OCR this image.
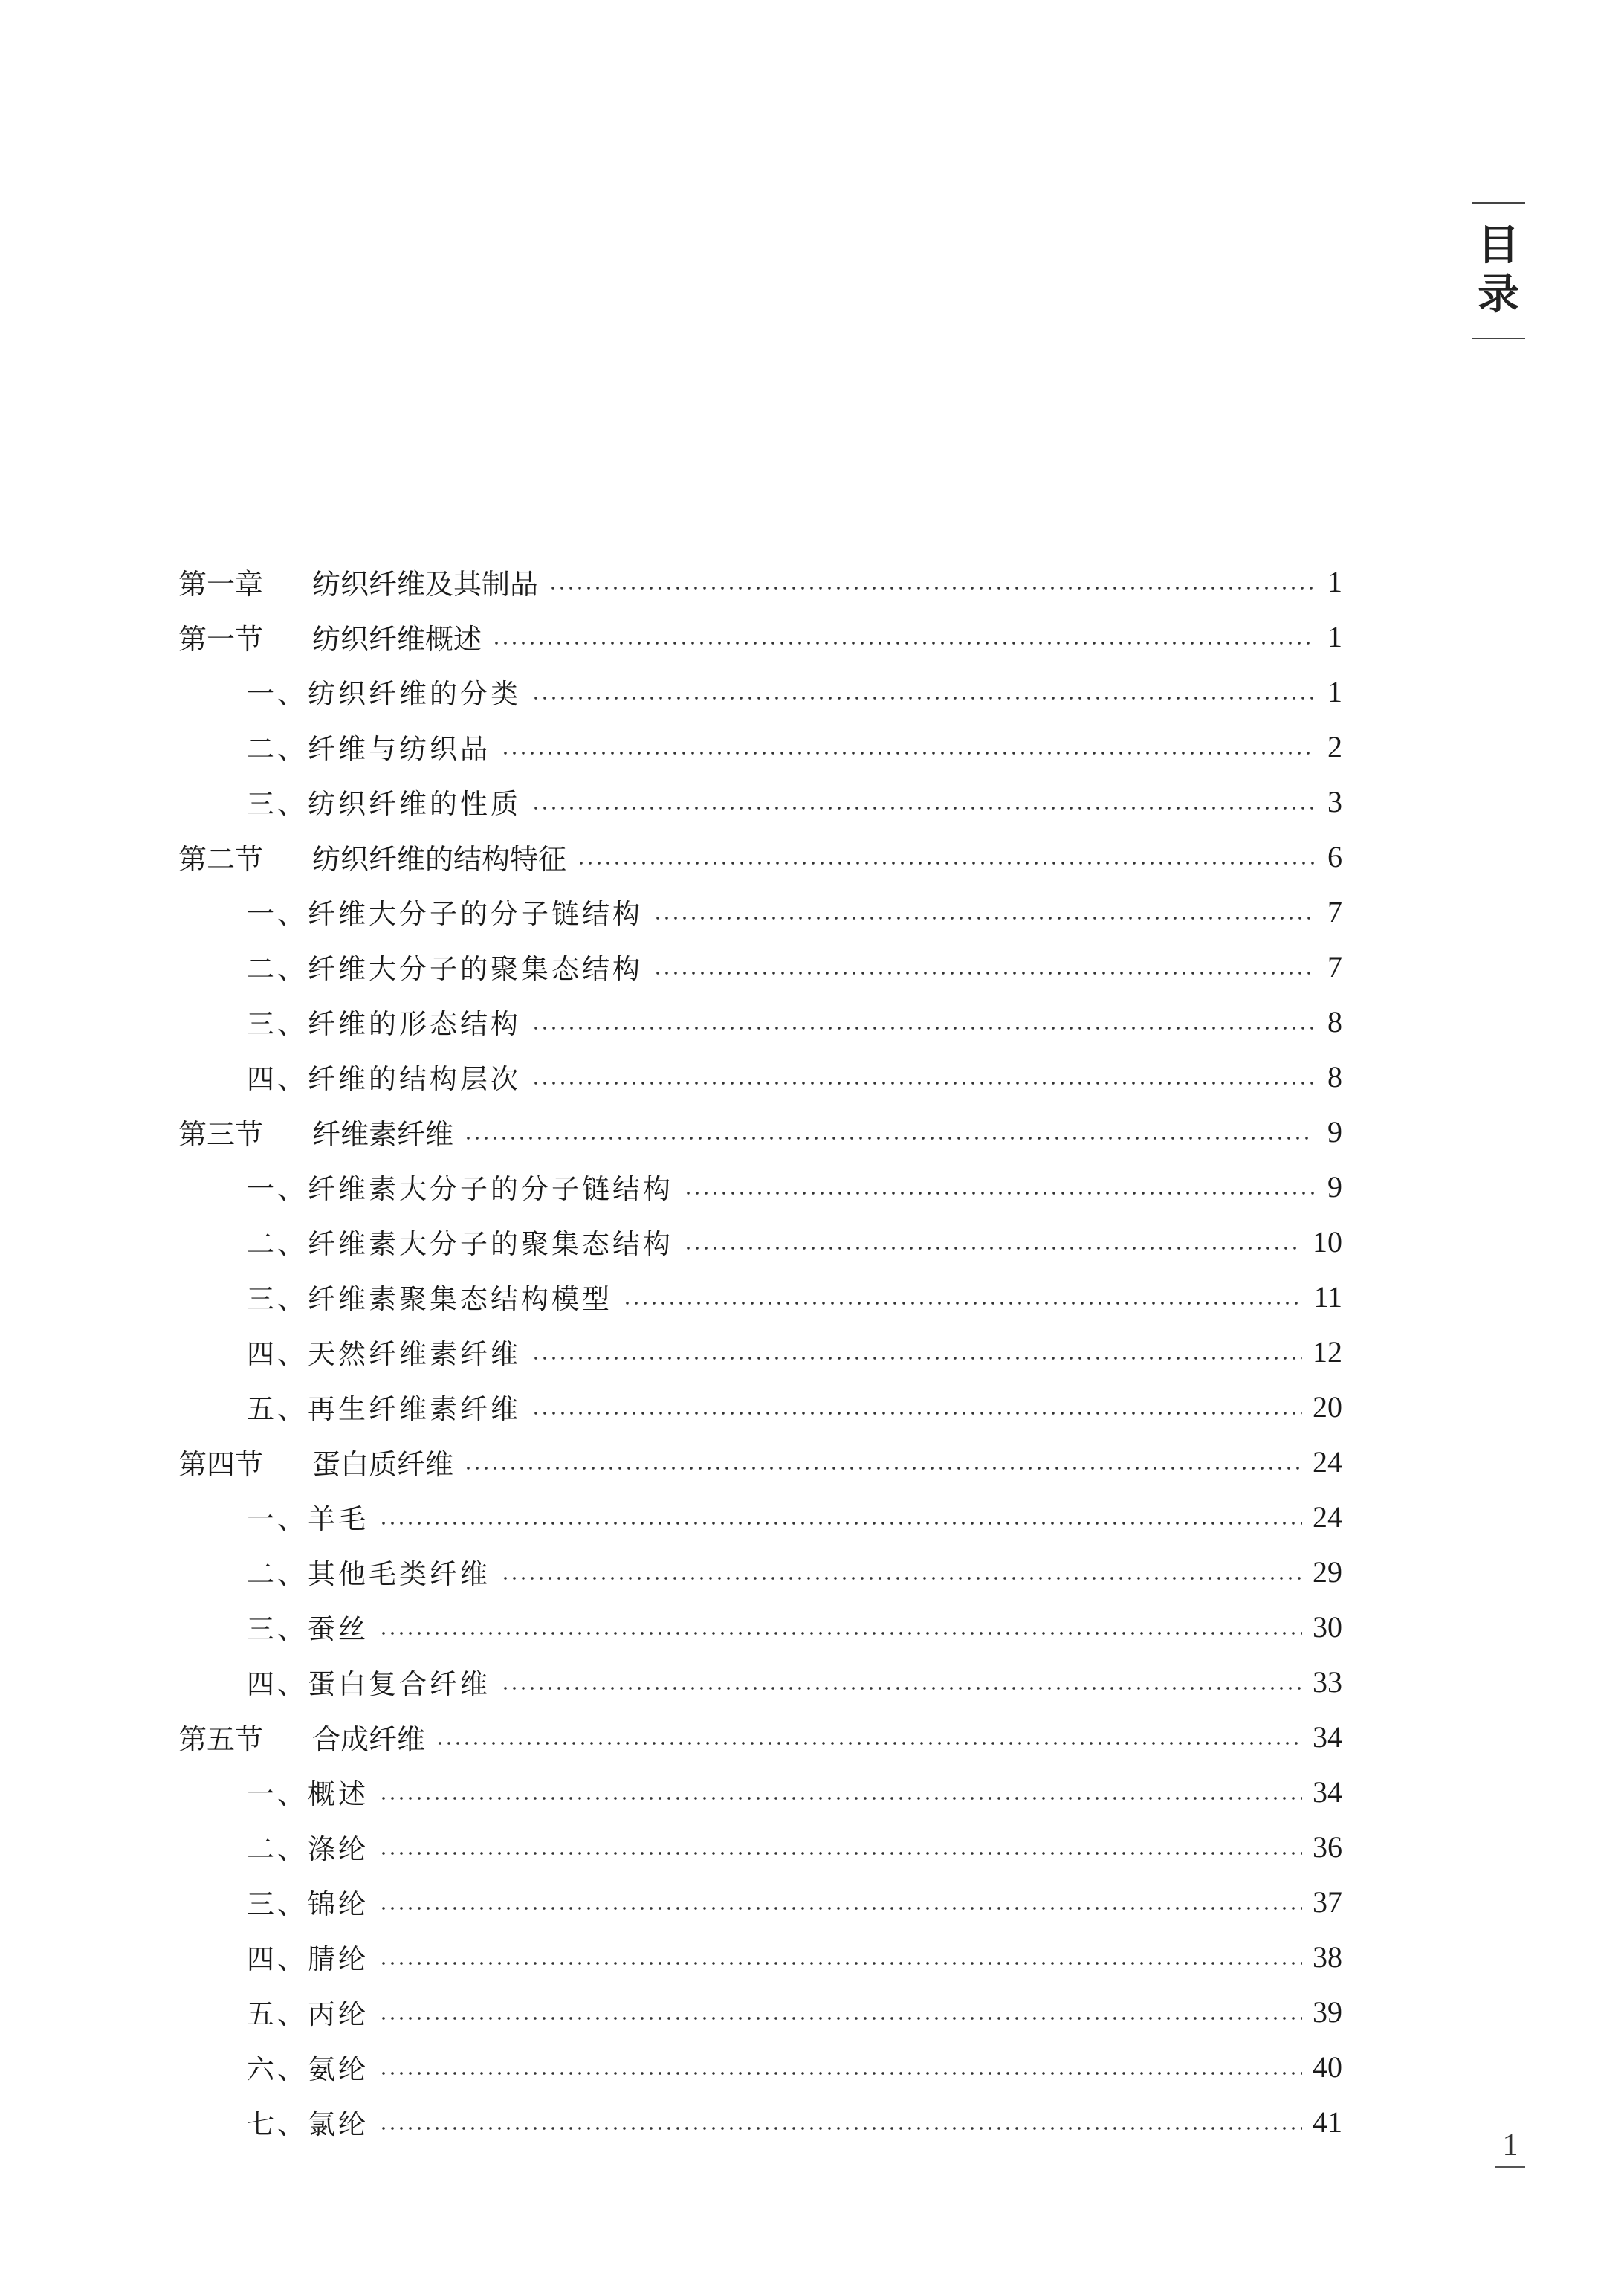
目
录
第一章	纺织纤维及其制品	1
第一节	纺织纤维概述	1
一、 纺织纤维的分类	1
二、 纤维与纺织品	2
三、 纺织纤维的性质	3
第二节	纺织纤维的结构特征	6
一、 纤维大分子的分子链结构	7
二、 纤维大分子的聚集态结构	7
三、 纤维的形态结构	8
四、 纤维的结构层次	8
第三节	纤维素纤维	9
一、 纤维素大分子的分子链结构	9
二、 纤维素大分子的聚集态结构	10
三、 纤维素聚集态结构模型	11
四、 天然纤维素纤维	12
五、 再生纤维素纤维	20
第四节	蛋白质纤维	24
一、 羊毛	24
二、 其他毛类纤维	29
三、 蚕丝	30
四、 蛋白复合纤维	33
第五节	合成纤维	34
一、 概述	34
二、 涤纶	36
三、 锦纶	37
四、 腈纶	38
五、 丙纶	39
六、 氨纶	40
七、 氯纶	41
1
